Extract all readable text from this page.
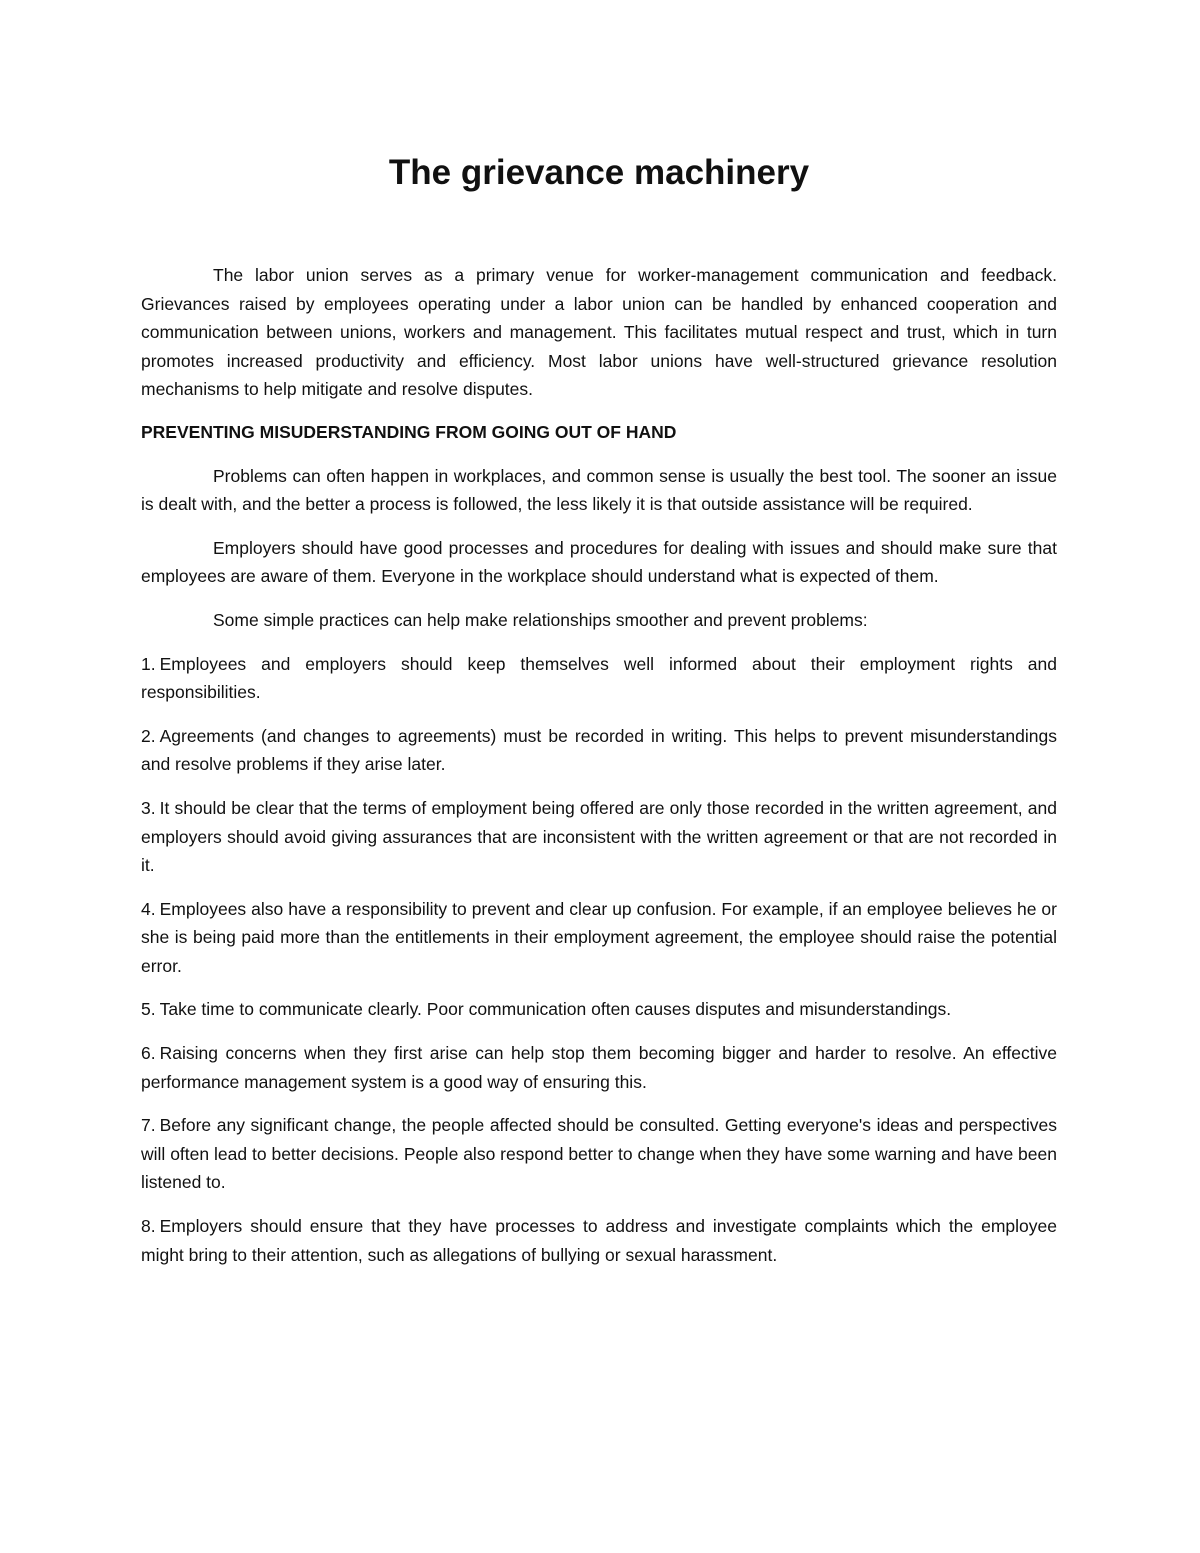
The grievance machinery

The labor union serves as a primary venue for worker-management communication and feedback. Grievances raised by employees operating under a labor union can be handled by enhanced cooperation and communication between unions, workers and management. This facilitates mutual respect and trust, which in turn promotes increased productivity and efficiency. Most labor unions have well-structured grievance resolution mechanisms to help mitigate and resolve disputes.

PREVENTING MISUDERSTANDING FROM GOING OUT OF HAND

Problems can often happen in workplaces, and common sense is usually the best tool. The sooner an issue is dealt with, and the better a process is followed, the less likely it is that outside assistance will be required.

Employers should have good processes and procedures for dealing with issues and should make sure that employees are aware of them. Everyone in the workplace should understand what is expected of them.

Some simple practices can help make relationships smoother and prevent problems:

1. Employees and employers should keep themselves well informed about their employment rights and responsibilities.

2. Agreements (and changes to agreements) must be recorded in writing. This helps to prevent misunderstandings and resolve problems if they arise later.

3. It should be clear that the terms of employment being offered are only those recorded in the written agreement, and employers should avoid giving assurances that are inconsistent with the written agreement or that are not recorded in it.

4. Employees also have a responsibility to prevent and clear up confusion. For example, if an employee believes he or she is being paid more than the entitlements in their employment agreement, the employee should raise the potential error.

5. Take time to communicate clearly. Poor communication often causes disputes and misunderstandings.

6. Raising concerns when they first arise can help stop them becoming bigger and harder to resolve. An effective performance management system is a good way of ensuring this.

7. Before any significant change, the people affected should be consulted. Getting everyone's ideas and perspectives will often lead to better decisions. People also respond better to change when they have some warning and have been listened to.

8. Employers should ensure that they have processes to address and investigate complaints which the employee might bring to their attention, such as allegations of bullying or sexual harassment.
